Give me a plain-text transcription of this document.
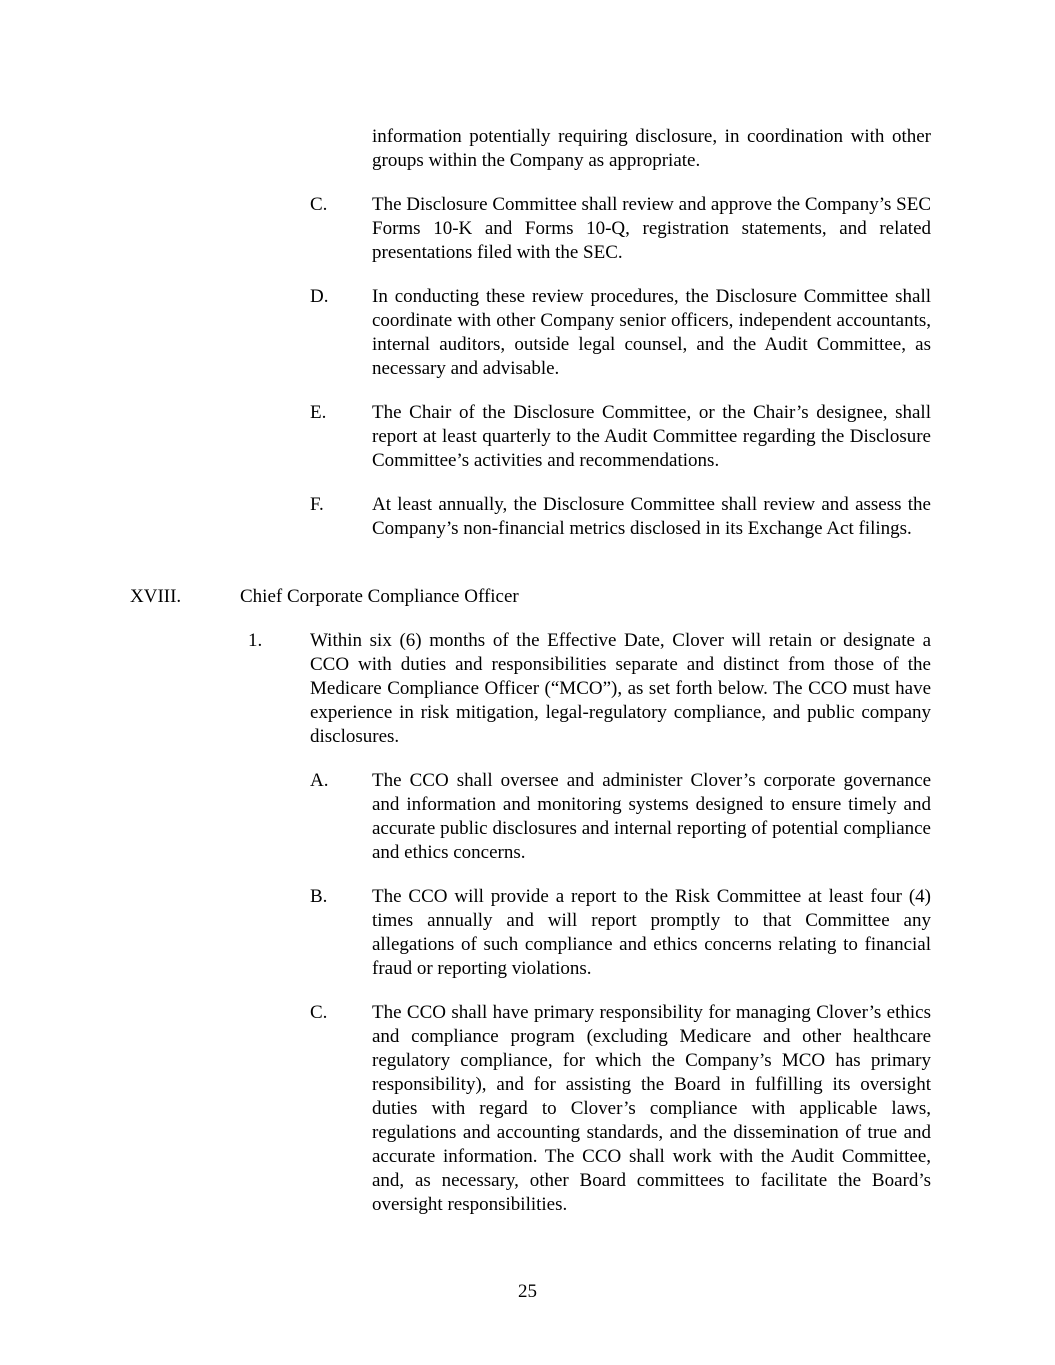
information potentially requiring disclosure, in coordination with other groups within the Company as appropriate.

C. The Disclosure Committee shall review and approve the Company’s SEC Forms 10-K and Forms 10-Q, registration statements, and related presentations filed with the SEC.

D. In conducting these review procedures, the Disclosure Committee shall coordinate with other Company senior officers, independent accountants, internal auditors, outside legal counsel, and the Audit Committee, as necessary and advisable.

E. The Chair of the Disclosure Committee, or the Chair’s designee, shall report at least quarterly to the Audit Committee regarding the Disclosure Committee’s activities and recommendations.

F.	At least annually, the Disclosure Committee shall review and assess the Company’s non-financial metrics disclosed in its Exchange Act filings.

XVIII.	Chief Corporate Compliance Officer
1.	Within six (6) months of the Effective Date, Clover will retain or designate a CCO with duties and responsibilities separate and distinct from those of the Medicare Compliance Officer (“MCO”), as set forth below. The CCO must have experience in risk mitigation, legal-regulatory compliance, and public company disclosures.

A. The CCO shall oversee and administer Clover’s corporate governance and information and monitoring systems designed to ensure timely and accurate public disclosures and internal reporting of potential compliance and ethics concerns.

B. The CCO will provide a report to the Risk Committee at least four (4) times annually and will report promptly to that Committee any allegations of such compliance and ethics concerns relating to financial fraud or reporting violations.

C. The CCO shall have primary responsibility for managing Clover’s ethics and compliance program (excluding Medicare and other healthcare regulatory compliance, for which the Company’s MCO has primary responsibility), and for assisting the Board in fulfilling its oversight duties with regard to Clover’s compliance with applicable laws, regulations and accounting standards, and the dissemination of true and accurate information. The CCO shall work with the Audit Committee, and, as necessary, other Board committees to facilitate the Board’s oversight responsibilities.

25
